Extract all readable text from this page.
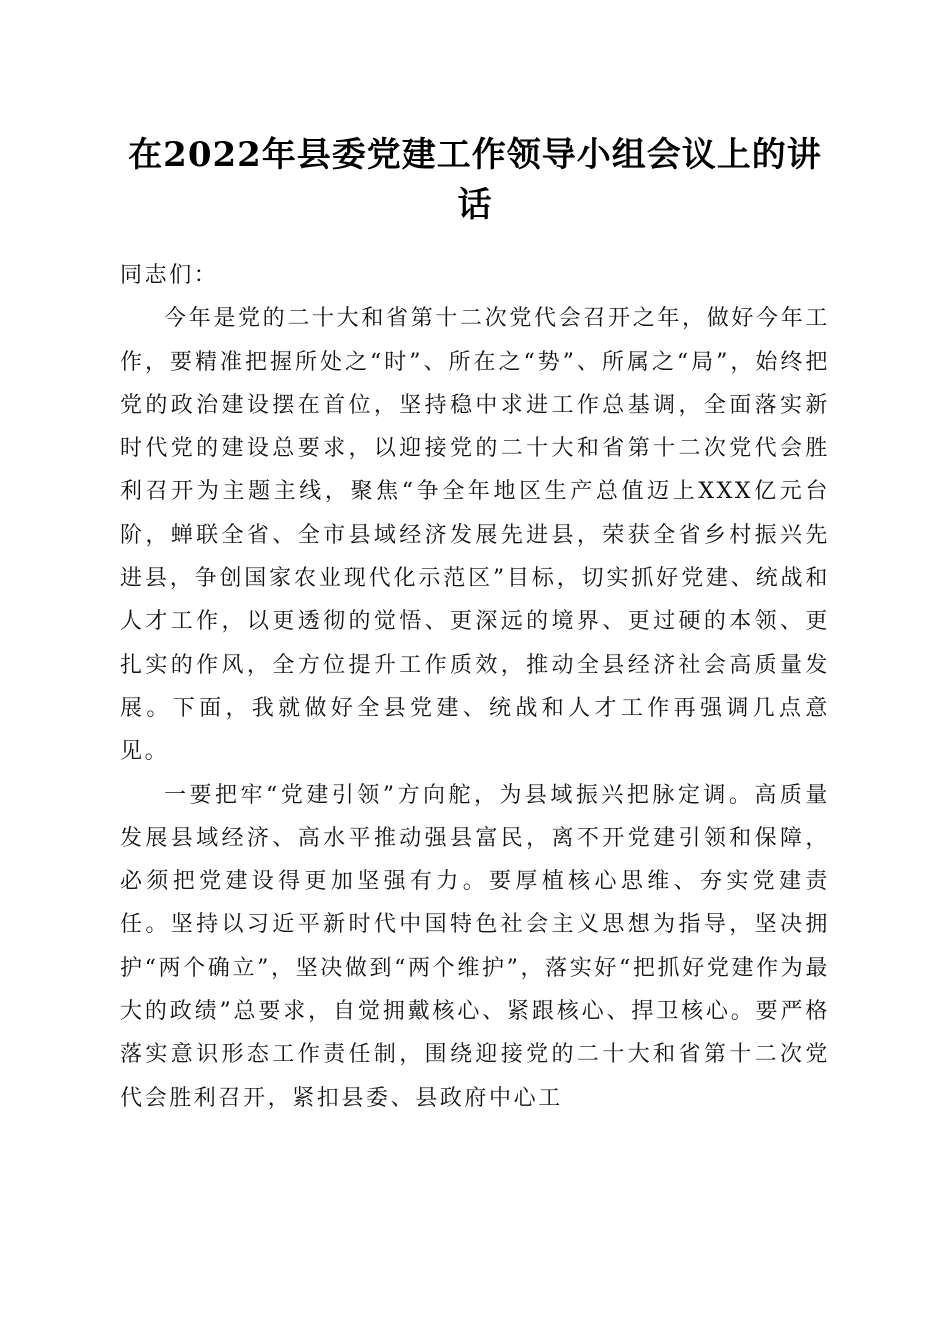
在2022年县委党建工作领导小组会议上的讲话

同志们：

今年是党的二十大和省第十二次党代会召开之年，做好今年工作，要精准把握所处之“时”、所在之“势”、所属之“局”，始终把党的政治建设摆在首位，坚持稳中求进工作总基调，全面落实新时代党的建设总要求，以迎接党的二十大和省第十二次党代会胜利召开为主题主线，聚焦“争全年地区生产总值迈上XXX亿元台阶，蝉联全省、全市县域经济发展先进县，荣获全省乡村振兴先进县，争创国家农业现代化示范区”目标，切实抓好党建、统战和人才工作，以更透彻的觉悟、更深远的境界、更过硬的本领、更扎实的作风，全方位提升工作质效，推动全县经济社会高质量发展。下面，我就做好全县党建、统战和人才工作再强调几点意见。

一要把牢“党建引领”方向舵，为县域振兴把脉定调。高质量发展县域经济、高水平推动强县富民，离不开党建引领和保障，必须把党建设得更加坚强有力。要厚植核心思维、夯实党建责任。坚持以习近平新时代中国特色社会主义思想为指导，坚决拥护“两个确立”，坚决做到“两个维护”，落实好“把抓好党建作为最大的政绩”总要求，自觉拥戴核心、紧跟核心、捍卫核心。要严格落实意识形态工作责任制，围绕迎接党的二十大和省第十二次党代会胜利召开，紧扣县委、县政府中心工
